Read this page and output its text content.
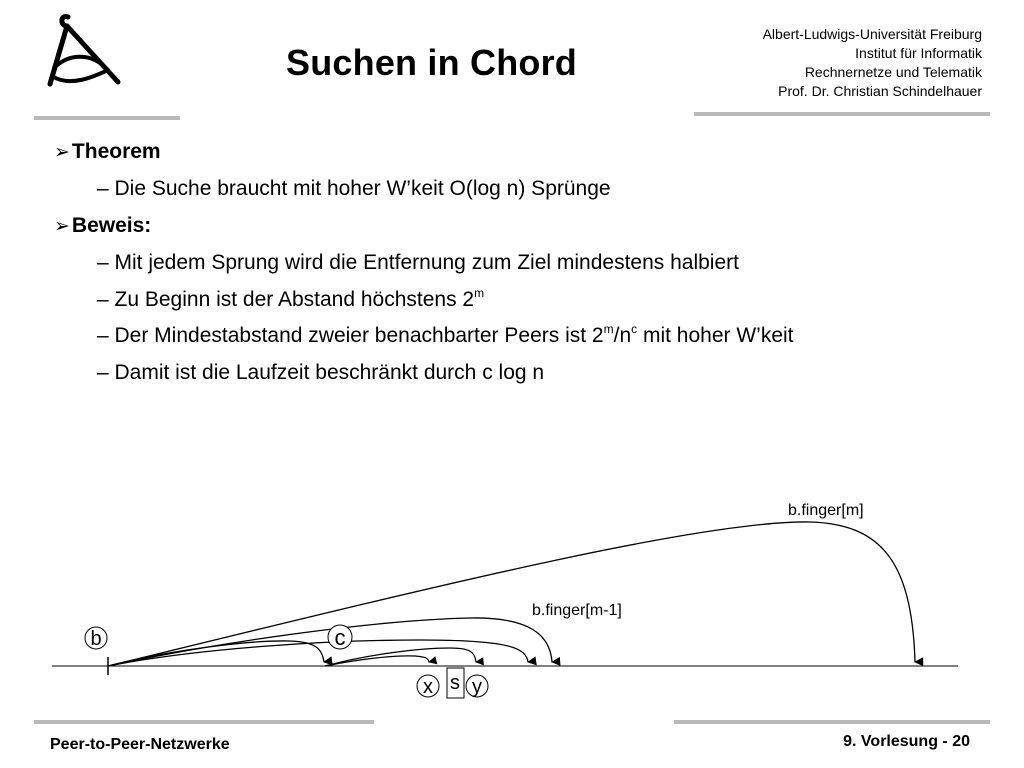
Suchen in Chord
Albert-Ludwigs-Universität Freiburg
Institut für Informatik
Rechnernetze und Telematik
Prof. Dr. Christian Schindelhauer
➢Theorem
– Die Suche braucht mit hoher W’keit O(log n) Sprünge
➢Beweis:
– Mit jedem Sprung wird die Entfernung zum Ziel mindestens halbiert
– Zu Beginn ist der Abstand höchstens 2$^m$
– Der Mindestabstand zweier benachbarter Peers ist $2^m/n^c$ mit hoher W’keit
– Damit ist die Laufzeit beschränkt durch c log n
b	c
x s y
b.finger[m]
b.finger[m-1]
Peer-to-Peer-Netzwerke	9. Vorlesung - 20
